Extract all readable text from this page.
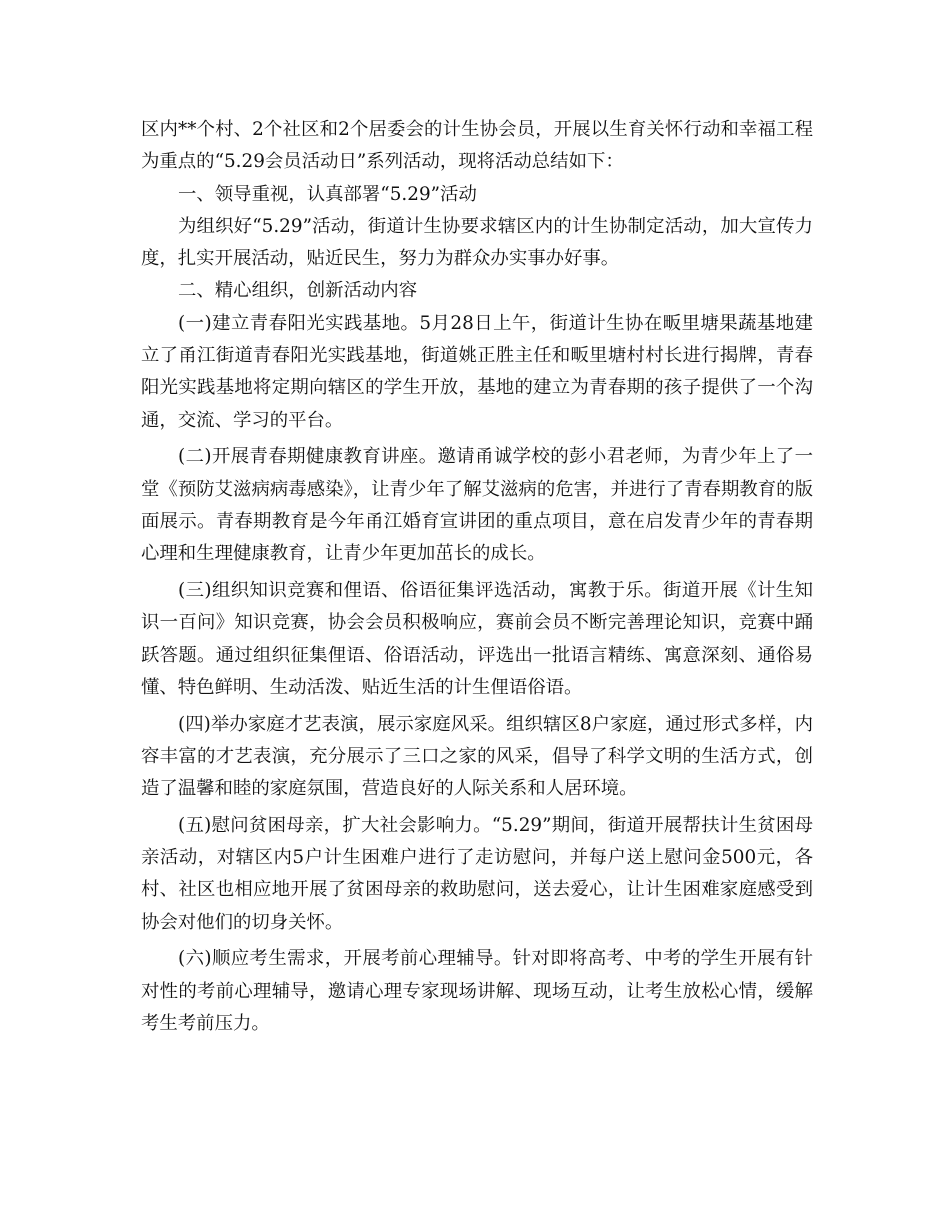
区内**个村、2个社区和2个居委会的计生协会员，开展以生育关怀行动和幸福工程为重点的“5.29会员活动日”系列活动，现将活动总结如下：

一、领导重视，认真部署“5.29”活动

为组织好“5.29”活动，街道计生协要求辖区内的计生协制定活动，加大宣传力度，扎实开展活动，贴近民生，努力为群众办实事办好事。

二、精心组织，创新活动内容

(一)建立青春阳光实践基地。5月28日上午，街道计生协在畈里塘果蔬基地建立了甬江街道青春阳光实践基地，街道姚正胜主任和畈里塘村村长进行揭牌，青春阳光实践基地将定期向辖区的学生开放，基地的建立为青春期的孩子提供了一个沟通，交流、学习的平台。

(二)开展青春期健康教育讲座。邀请甬诚学校的彭小君老师，为青少年上了一堂《预防艾滋病病毒感染》，让青少年了解艾滋病的危害，并进行了青春期教育的版面展示。青春期教育是今年甬江婚育宣讲团的重点项目，意在启发青少年的青春期心理和生理健康教育，让青少年更加茁长的成长。

(三)组织知识竞赛和俚语、俗语征集评选活动，寓教于乐。街道开展《计生知识一百问》知识竞赛，协会会员积极响应，赛前会员不断完善理论知识，竞赛中踊跃答题。通过组织征集俚语、俗语活动，评选出一批语言精练、寓意深刻、通俗易懂、特色鲜明、生动活泼、贴近生活的计生俚语俗语。

(四)举办家庭才艺表演，展示家庭风采。组织辖区8户家庭，通过形式多样，内容丰富的才艺表演，充分展示了三口之家的风采，倡导了科学文明的生活方式，创造了温馨和睦的家庭氛围，营造良好的人际关系和人居环境。

(五)慰问贫困母亲，扩大社会影响力。“5.29”期间，街道开展帮扶计生贫困母亲活动，对辖区内5户计生困难户进行了走访慰问，并每户送上慰问金500元，各村、社区也相应地开展了贫困母亲的救助慰问，送去爱心，让计生困难家庭感受到协会对他们的切身关怀。

(六)顺应考生需求，开展考前心理辅导。针对即将高考、中考的学生开展有针对性的考前心理辅导，邀请心理专家现场讲解、现场互动，让考生放松心情，缓解考生考前压力。
